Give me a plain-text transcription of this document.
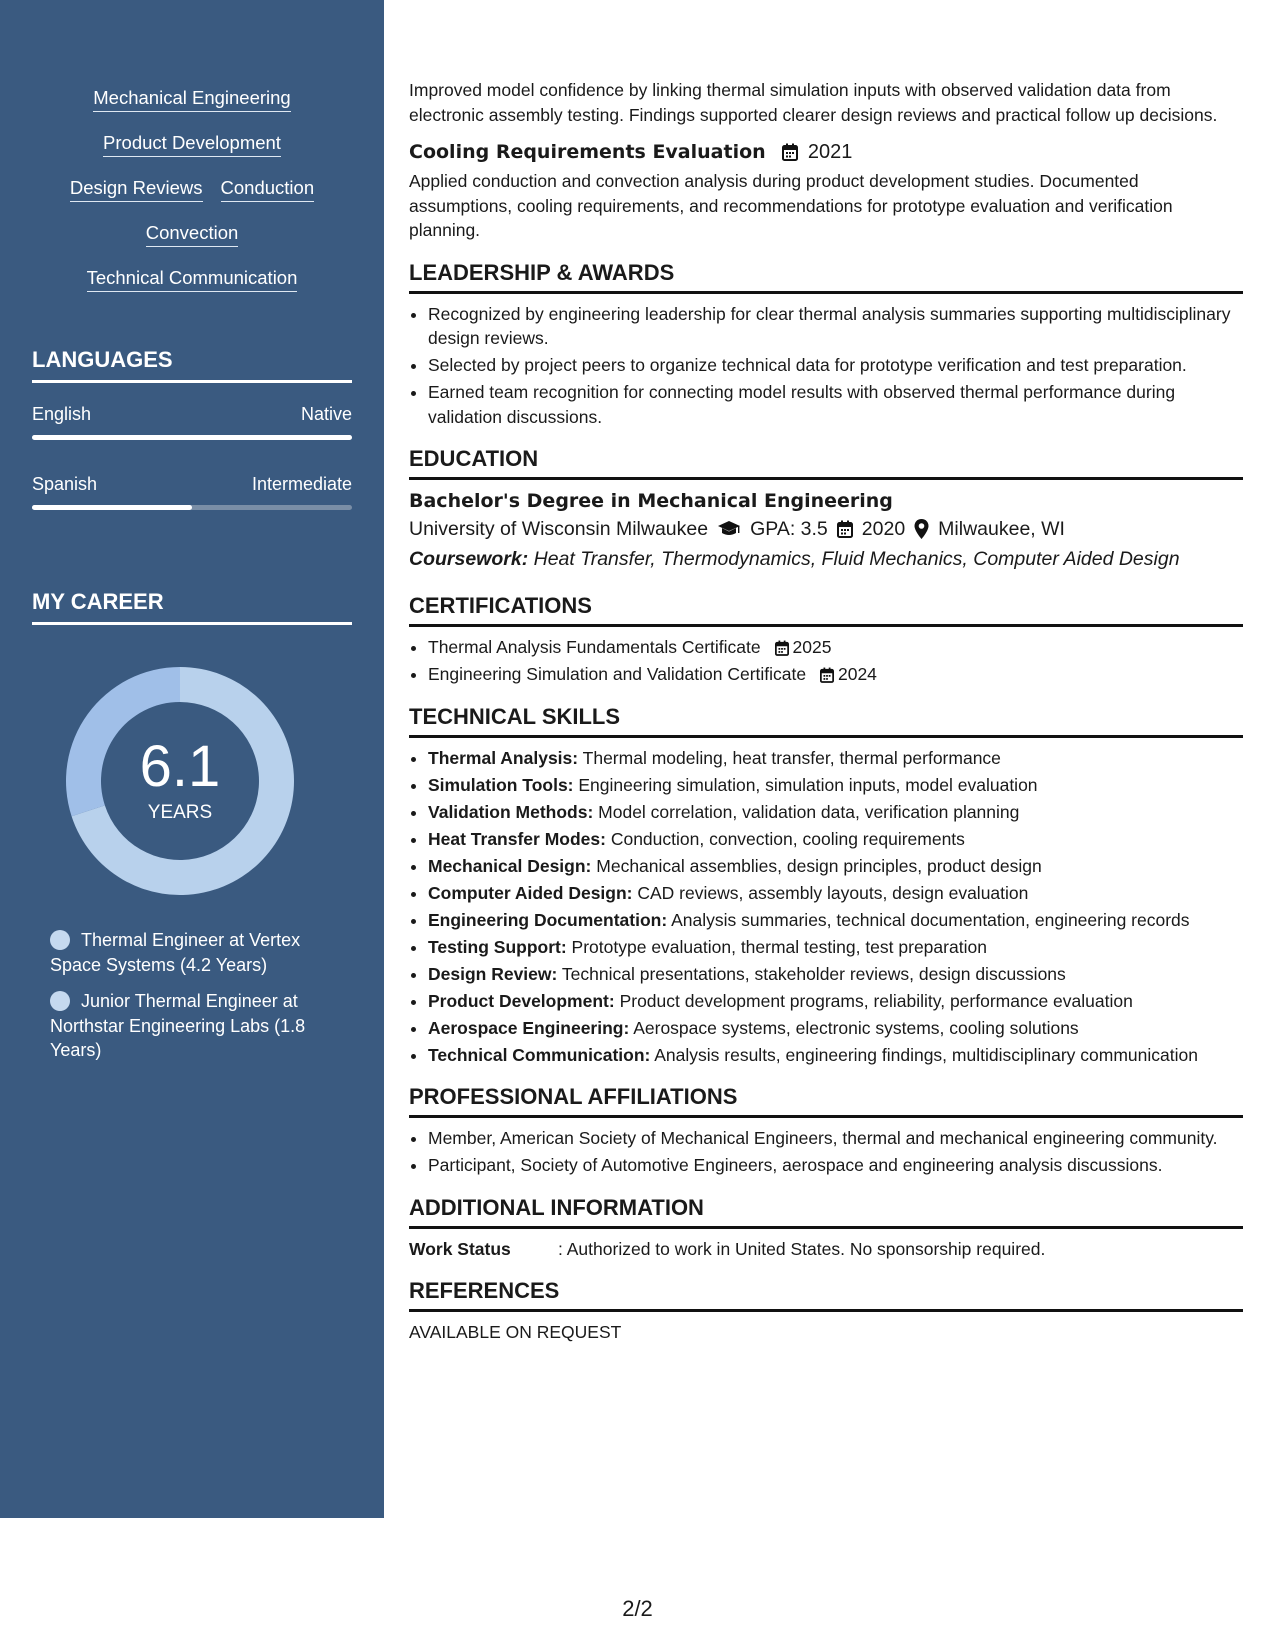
Mechanical Engineering
Product Development
Design Reviews Conduction
Convection
Technical Communication
LANGUAGES
English	Native
Spanish	Intermediate
MY CAREER
6.1
YEARS
Thermal Engineer at Vertex Space Systems (4.2 Years)
Junior Thermal Engineer at Northstar Engineering Labs (1.8 Years)

Improved model confidence by linking thermal simulation inputs with observed validation data from electronic assembly testing. Findings supported clearer design reviews and practical follow up decisions.

Cooling Requirements Evaluation 2021

Applied conduction and convection analysis during product development studies. Documented assumptions, cooling requirements, and recommendations for prototype evaluation and verification planning.

LEADERSHIP & AWARDS
• Recognized by engineering leadership for clear thermal analysis summaries supporting multidisciplinary design reviews.
• Selected by project peers to organize technical data for prototype verification and test preparation.
• Earned team recognition for connecting model results with observed thermal performance during validation discussions.
EDUCATION
Bachelor's Degree in Mechanical Engineering
University of Wisconsin Milwaukee GPA: 3.5 2020 Milwaukee, WI
Coursework: Heat Transfer, Thermodynamics, Fluid Mechanics, Computer Aided Design
CERTIFICATIONS
• Thermal Analysis Fundamentals Certificate 2025
• Engineering Simulation and Validation Certificate 2024
TECHNICAL SKILLS
• Thermal Analysis: Thermal modeling, heat transfer, thermal performance
• Simulation Tools: Engineering simulation, simulation inputs, model evaluation
• Validation Methods: Model correlation, validation data, verification planning
• Heat Transfer Modes: Conduction, convection, cooling requirements
• Mechanical Design: Mechanical assemblies, design principles, product design
• Computer Aided Design: CAD reviews, assembly layouts, design evaluation
• Engineering Documentation: Analysis summaries, technical documentation, engineering records
• Testing Support: Prototype evaluation, thermal testing, test preparation
• Design Review: Technical presentations, stakeholder reviews, design discussions
• Product Development: Product development programs, reliability, performance evaluation
• Aerospace Engineering: Aerospace systems, electronic systems, cooling solutions
• Technical Communication: Analysis results, engineering findings, multidisciplinary communication
PROFESSIONAL AFFILIATIONS
• Member, American Society of Mechanical Engineers, thermal and mechanical engineering community.
• Participant, Society of Automotive Engineers, aerospace and engineering analysis discussions.
ADDITIONAL INFORMATION
Work Status	: Authorized to work in United States. No sponsorship required.
REFERENCES
AVAILABLE ON REQUEST
2/2
